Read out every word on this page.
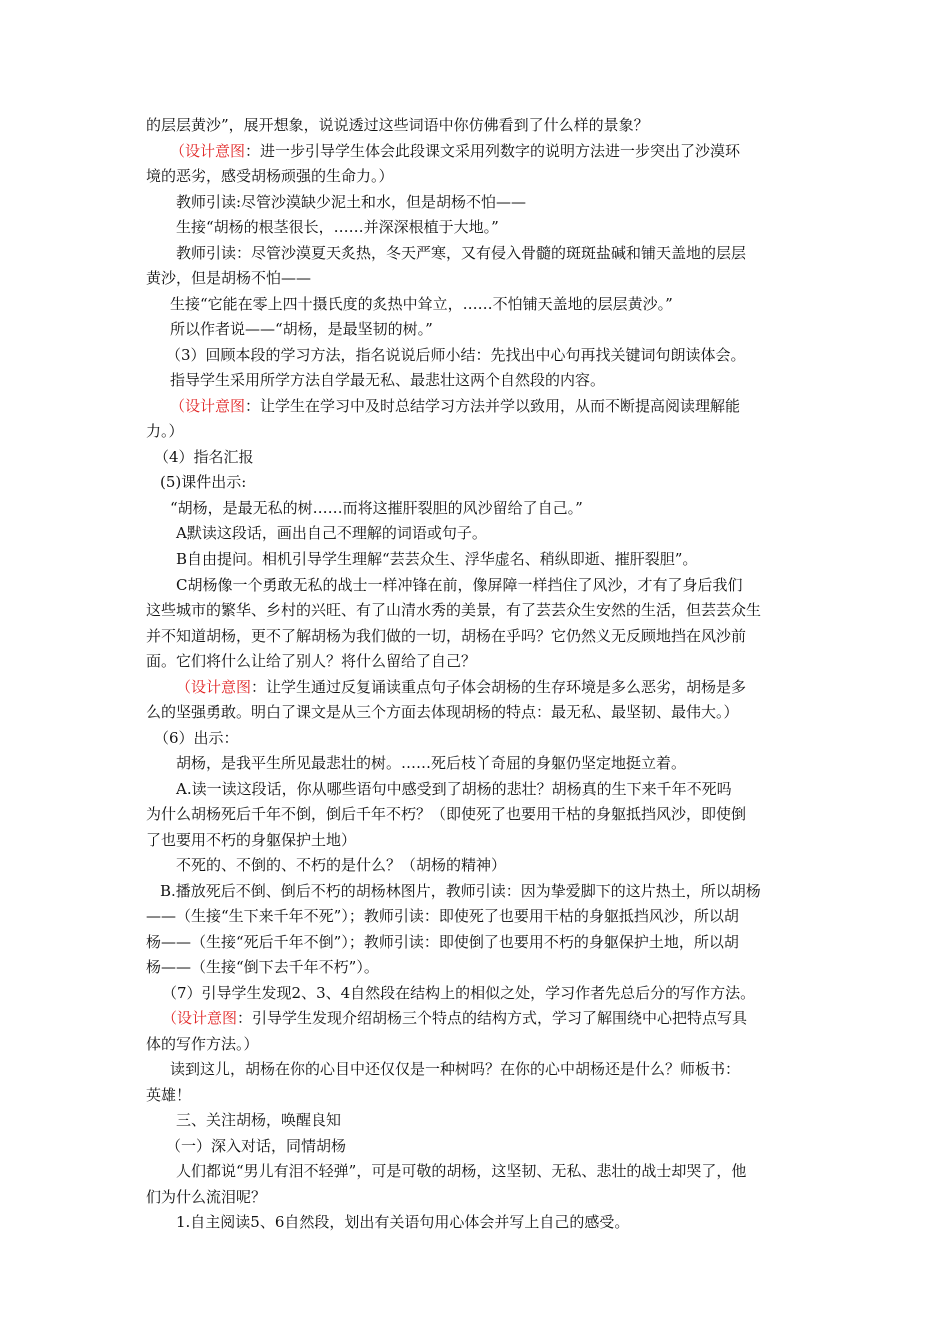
的层层黄沙”，展开想象，说说透过这些词语中你仿佛看到了什么样的景象？
（设计意图：进一步引导学生体会此段课文采用列数字的说明方法进一步突出了沙漠环
境的恶劣，感受胡杨顽强的生命力。）
教师引读:尽管沙漠缺少泥土和水，但是胡杨不怕——
生接“胡杨的根茎很长，……并深深根植于大地。”
教师引读：尽管沙漠夏天炙热，冬天严寒，又有侵入骨髓的斑斑盐碱和铺天盖地的层层
黄沙，但是胡杨不怕——
生接“它能在零上四十摄氏度的炙热中耸立，……不怕铺天盖地的层层黄沙。”
所以作者说——“胡杨，是最坚韧的树。”
（3）回顾本段的学习方法，指名说说后师小结：先找出中心句再找关键词句朗读体会。
指导学生采用所学方法自学最无私、最悲壮这两个自然段的内容。
（设计意图：让学生在学习中及时总结学习方法并学以致用，从而不断提高阅读理解能
力。）
（4）指名汇报
(5)课件出示:
“胡杨，是最无私的树……而将这摧肝裂胆的风沙留给了自己。”
A默读这段话，画出自己不理解的词语或句子。
B自由提问。相机引导学生理解“芸芸众生、浮华虚名、稍纵即逝、摧肝裂胆”。
C胡杨像一个勇敢无私的战士一样冲锋在前，像屏障一样挡住了风沙，才有了身后我们
这些城市的繁华、乡村的兴旺、有了山清水秀的美景，有了芸芸众生安然的生活，但芸芸众生
并不知道胡杨，更不了解胡杨为我们做的一切，胡杨在乎吗？它仍然义无反顾地挡在风沙前
面。它们将什么让给了别人？将什么留给了自己？
（设计意图：让学生通过反复诵读重点句子体会胡杨的生存环境是多么恶劣，胡杨是多
么的坚强勇敢。明白了课文是从三个方面去体现胡杨的特点：最无私、最坚韧、最伟大。）
（6）出示：
胡杨，是我平生所见最悲壮的树。……死后枝丫奇屈的身躯仍坚定地挺立着。
A.读一读这段话，你从哪些语句中感受到了胡杨的悲壮？胡杨真的生下来千年不死吗
为什么胡杨死后千年不倒，倒后千年不朽？（即使死了也要用干枯的身躯抵挡风沙，即使倒
了也要用不朽的身躯保护土地）
不死的、不倒的、不朽的是什么？（胡杨的精神）
B.播放死后不倒、倒后不朽的胡杨林图片，教师引读：因为挚爱脚下的这片热土，所以胡杨
——（生接“生下来千年不死”）；教师引读：即使死了也要用干枯的身躯抵挡风沙，所以胡
杨——（生接“死后千年不倒”）；教师引读：即使倒了也要用不朽的身躯保护土地，所以胡
杨——（生接“倒下去千年不朽”）。
（7）引导学生发现2、3、4自然段在结构上的相似之处，学习作者先总后分的写作方法。
（设计意图：引导学生发现介绍胡杨三个特点的结构方式，学习了解围绕中心把特点写具
体的写作方法。）
读到这儿，胡杨在你的心目中还仅仅是一种树吗？在你的心中胡杨还是什么？师板书：
英雄！
三、关注胡杨，唤醒良知
（一）深入对话，同情胡杨
人们都说“男儿有泪不轻弹”，可是可敬的胡杨，这坚韧、无私、悲壮的战士却哭了，他
们为什么流泪呢？
1.自主阅读5、6自然段，划出有关语句用心体会并写上自己的感受。
